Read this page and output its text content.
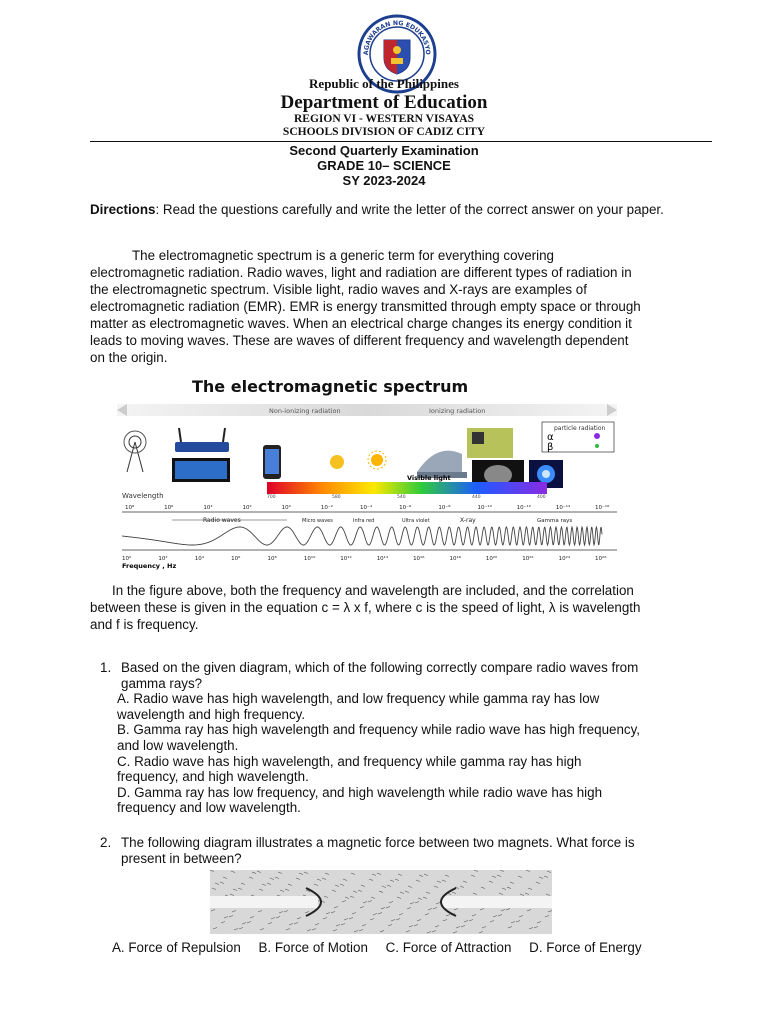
AGAWARAN NG EDUKASYO
Republic of the Philippines
Department of Education
REGION VI - WESTERN VISAYAS
SCHOOLS DIVISION OF CADIZ CITY
Second Quarterly Examination
GRADE 10– SCIENCE
SY 2023-2024
Directions: Read the questions carefully and write the letter of the correct answer on your paper.
The electromagnetic spectrum is a generic term for everything covering
electromagnetic radiation. Radio waves, light and radiation are different types of radiation in
the electromagnetic spectrum. Visible light, radio waves and X-rays are examples of
electromagnetic radiation (EMR). EMR is energy transmitted through empty space or through
matter as electromagnetic waves. When an electrical charge changes its energy condition it
leads to moving waves. These are waves of different frequency and wavelength dependent
on the origin.
The electromagnetic spectrum
Non-ionizing radiation	Ionizing radiation
particle radiation
α
β
Visible light
700	580	540	440	400
Wavelength
10⁸	10⁶	10⁴	10²	10⁰	10⁻²	10⁻⁴	10⁻⁶	10⁻⁸	10⁻¹⁰	10⁻¹²	10⁻¹⁴	10⁻¹⁶
Radio waves	Micro waves	Infra red	Ultra violet	X-ray	Gamma rays
10⁰	10²	10⁴	10⁶	10⁸	10¹⁰	10¹²	10¹⁴	10¹⁶	10¹⁸	10²⁰	10²²	10²⁴	10²⁶
Frequency , Hz
In the figure above, both the frequency and wavelength are included, and the correlation
between these is given in the equation c = λ x f, where c is the speed of light, λ is wavelength
and f is frequency.
1. Based on the given diagram, which of the following correctly compare radio waves from
gamma rays?
A. Radio wave has high wavelength, and low frequency while gamma ray has low
wavelength and high frequency.
B. Gamma ray has high wavelength and frequency while radio wave has high frequency,
and low wavelength.
C. Radio wave has high wavelength, and frequency while gamma ray has high
frequency, and high wavelength.
D. Gamma ray has low frequency, and high wavelength while radio wave has high
frequency and low wavelength.
2. The following diagram illustrates a magnetic force between two magnets. What force is
present in between?
A. Force of Repulsion B. Force of Motion C. Force of Attraction D. Force of Energy
